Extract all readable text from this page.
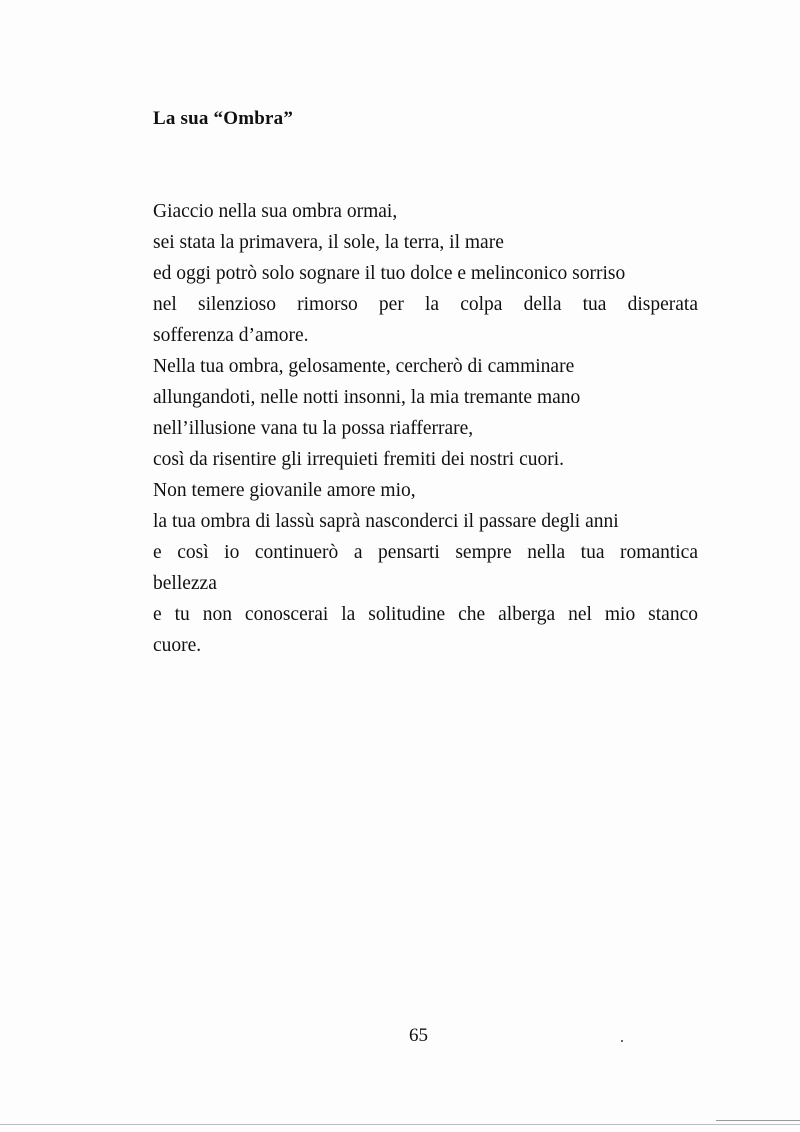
La sua “Ombra”
Giaccio nella sua ombra ormai,
sei stata la primavera, il sole, la terra, il mare
ed oggi potrò solo sognare il tuo dolce e melinconico sorriso
nel silenzioso rimorso per la colpa della tua disperata
sofferenza d’amore.
Nella tua ombra, gelosamente, cercherò di camminare
allungandoti, nelle notti insonni, la mia tremante mano
nell’illusione vana tu la possa riafferrare,
così da risentire gli irrequieti fremiti dei nostri cuori.
Non temere giovanile amore mio,
la tua ombra di lassù saprà nasconderci il passare degli anni
e così io continuerò a pensarti sempre nella tua romantica
bellezza
e tu non conoscerai la solitudine che alberga nel mio stanco
cuore.
65
